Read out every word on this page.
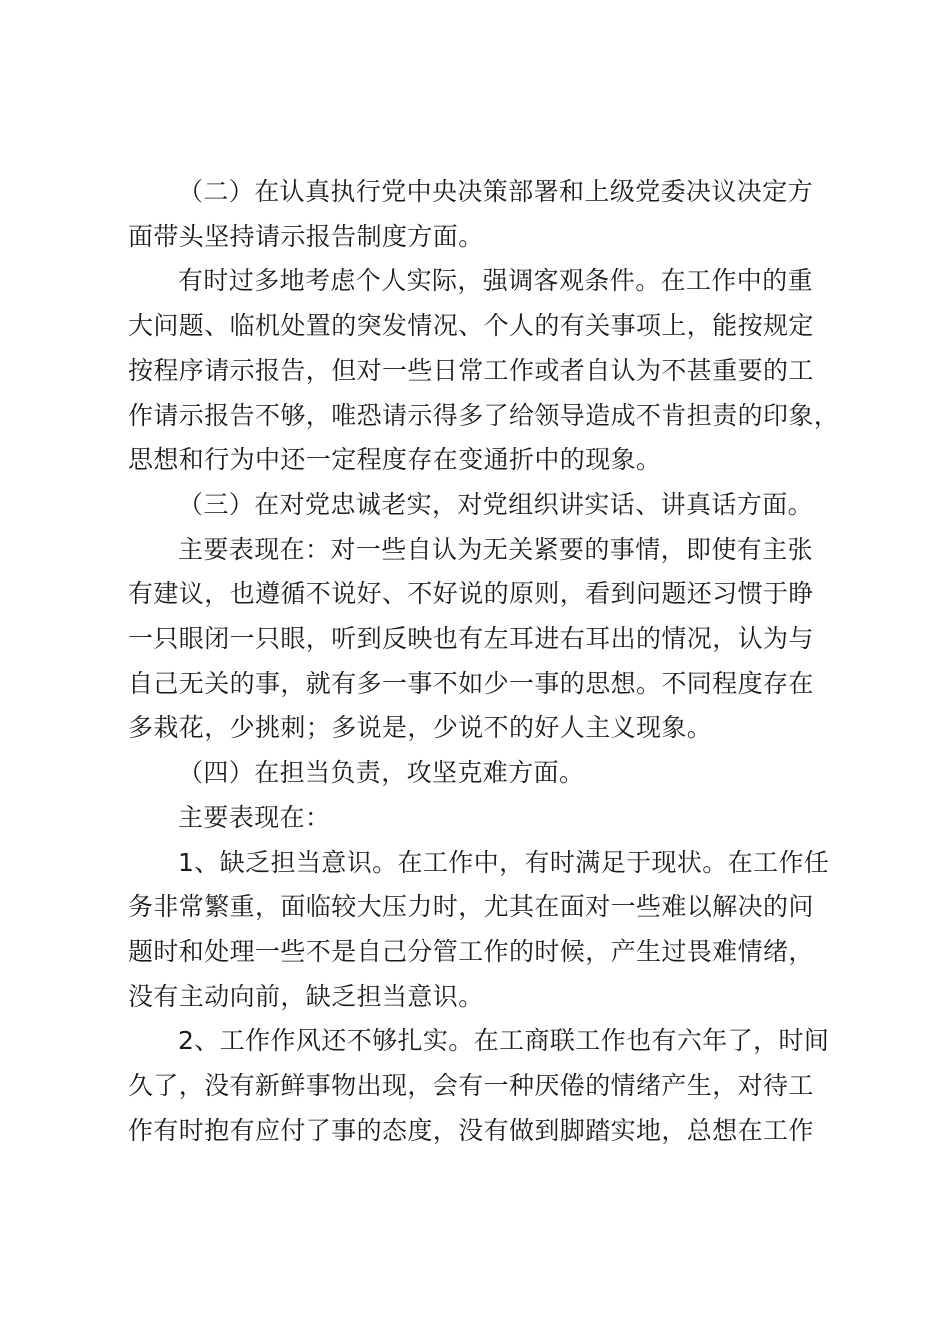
（二）在认真执行党中央决策部署和上级党委决议决定方
面带头坚持请示报告制度方面。

有时过多地考虑个人实际，强调客观条件。在工作中的重
大问题、临机处置的突发情况、个人的有关事项上，能按规定
按程序请示报告，但对一些日常工作或者自认为不甚重要的工
作请示报告不够，唯恐请示得多了给领导造成不肯担责的印象，
思想和行为中还一定程度存在变通折中的现象。

（三）在对党忠诚老实，对党组织讲实话、讲真话方面。

主要表现在：对一些自认为无关紧要的事情，即使有主张
有建议，也遵循不说好、不好说的原则，看到问题还习惯于睁
一只眼闭一只眼，听到反映也有左耳进右耳出的情况，认为与
自己无关的事，就有多一事不如少一事的思想。不同程度存在
多栽花，少挑刺；多说是，少说不的好人主义现象。

（四）在担当负责，攻坚克难方面。

主要表现在：

1、缺乏担当意识。在工作中，有时满足于现状。在工作任
务非常繁重，面临较大压力时，尤其在面对一些难以解决的问
题时和处理一些不是自己分管工作的时候，产生过畏难情绪，
没有主动向前，缺乏担当意识。

2、工作作风还不够扎实。在工商联工作也有六年了，时间
久了，没有新鲜事物出现，会有一种厌倦的情绪产生，对待工
作有时抱有应付了事的态度，没有做到脚踏实地，总想在工作
